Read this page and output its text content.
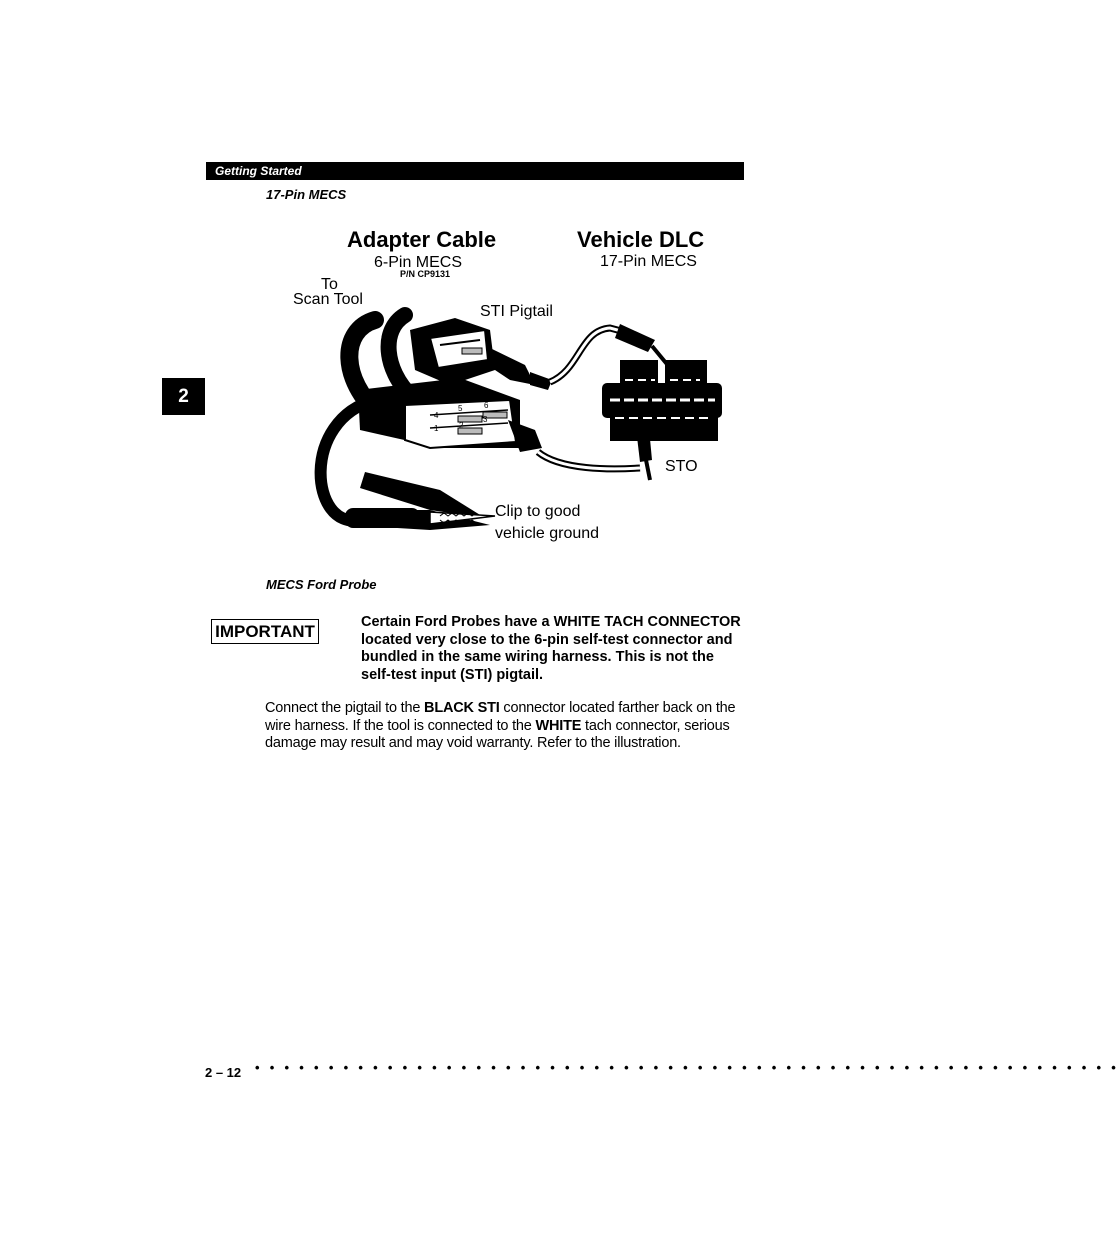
Getting Started
17-Pin MECS
2
Adapter Cable
6-Pin MECS
P/N CP9131
Vehicle DLC
17-Pin MECS
To
Scan Tool
STI Pigtail
STO
Clip to good
vehicle ground
5	6
4	3
1	2
MECS Ford Probe
IMPORTANT	Certain Ford Probes have a WHITE TACH CONNECTOR located very close to the 6-pin self-test connector and bundled in the same wiring harness. This is not the self-test input (STI) pigtail.

Connect the pigtail to the BLACK STI connector located farther back on the wire harness. If the tool is connected to the WHITE tach connector, serious damage may result and may void warranty. Refer to the illustration.

2 – 12 • • • • • • • • • • • • • • • • • • • • • • • • • • • • • • • • • • • • • • • • • • • • • • • • • • • • • • • • • • •
